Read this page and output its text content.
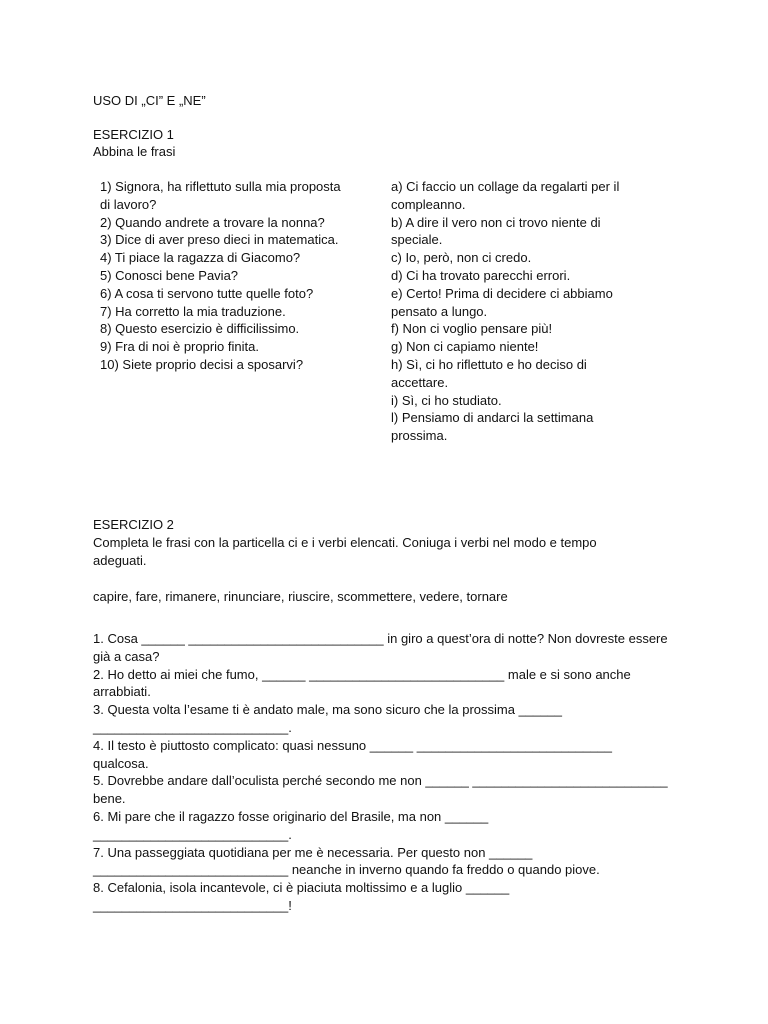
USO DI „CI” E „NE”

ESERCIZIO 1

Abbina le frasi

1) Signora, ha riflettuto sulla mia proposta
di lavoro?
2) Quando andrete a trovare la nonna?
3) Dice di aver preso dieci in matematica.
4) Ti piace la ragazza di Giacomo?
5) Conosci bene Pavia?
6) A cosa ti servono tutte quelle foto?
7) Ha corretto la mia traduzione.
8) Questo esercizio è difficilissimo.
9) Fra di noi è proprio finita.
10) Siete proprio decisi a sposarvi?
a) Ci faccio un collage da regalarti per il
compleanno.
b) A dire il vero non ci trovo niente di
speciale.
c) Io, però, non ci credo.
d) Ci ha trovato parecchi errori.
e) Certo! Prima di decidere ci abbiamo
pensato a lungo.
f) Non ci voglio pensare più!
g) Non ci capiamo niente!
h) Sì, ci ho riflettuto e ho deciso di
accettare.
i) Sì, ci ho studiato.
l) Pensiamo di andarci la settimana
prossima.

ESERCIZIO 2

Completa le frasi con la particella ci e i verbi elencati. Coniuga i verbi nel modo e tempo

adeguati.

capire, fare, rimanere, rinunciare, riuscire, scommettere, vedere, tornare

1. Cosa ______ ___________________________ in giro a quest’ora di notte? Non dovreste essere
già a casa?
2. Ho detto ai miei che fumo, ______ ___________________________ male e si sono anche
arrabbiati.
3. Questa volta l’esame ti è andato male, ma sono sicuro che la prossima ______
___________________________.
4. Il testo è piuttosto complicato: quasi nessuno ______ ___________________________
qualcosa.
5. Dovrebbe andare dall’oculista perché secondo me non ______ ___________________________
bene.
6. Mi pare che il ragazzo fosse originario del Brasile, ma non ______
___________________________.
7. Una passeggiata quotidiana per me è necessaria. Per questo non ______
___________________________ neanche in inverno quando fa freddo o quando piove.
8. Cefalonia, isola incantevole, ci è piaciuta moltissimo e a luglio ______
___________________________!
